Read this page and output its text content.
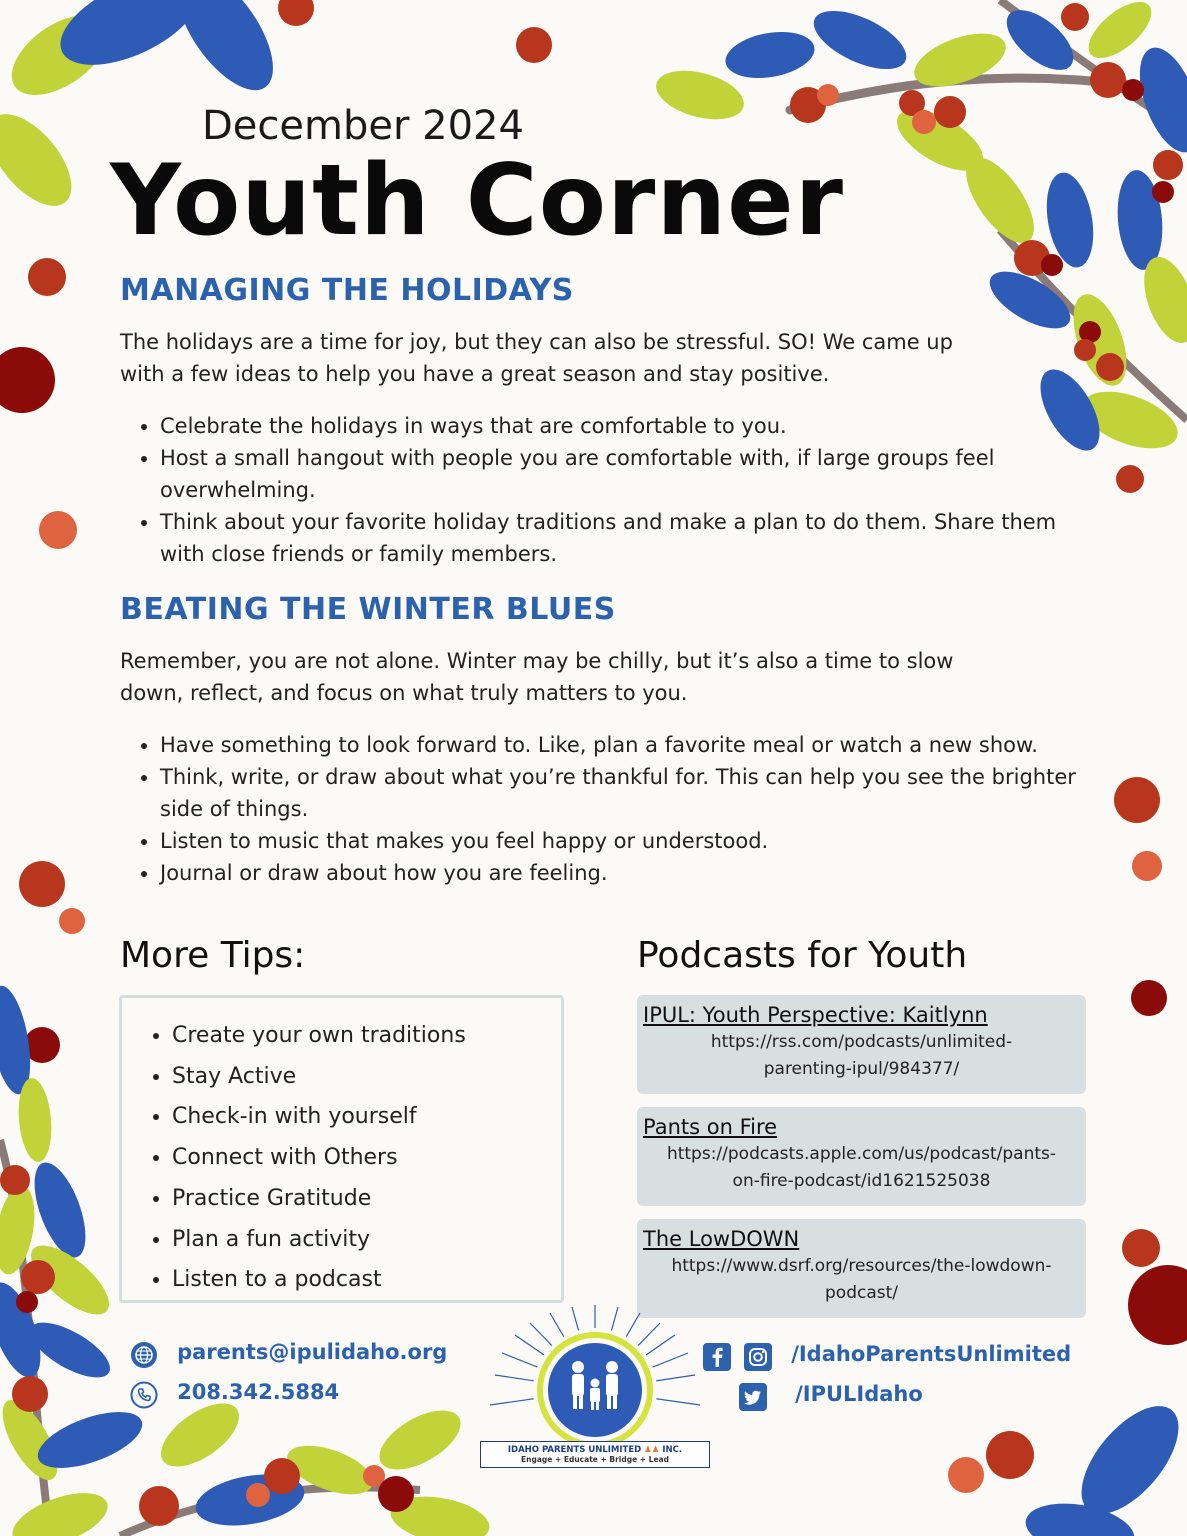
December 2024
Youth Corner
MANAGING THE HOLIDAYS
The holidays are a time for joy, but they can also be stressful. SO! We came up
with a few ideas to help you have a great season and stay positive.
• Celebrate the holidays in ways that are comfortable to you.
• Host a small hangout with people you are comfortable with, if large groups feel overwhelming.
• Think about your favorite holiday traditions and make a plan to do them. Share them with close friends or family members.
BEATING THE WINTER BLUES
Remember, you are not alone. Winter may be chilly, but it’s also a time to slow
down, reflect, and focus on what truly matters to you.
• Have something to look forward to. Like, plan a favorite meal or watch a new show.
• Think, write, or draw about what you’re thankful for. This can help you see the brighter side of things.
• Listen to music that makes you feel happy or understood.
• Journal or draw about how you are feeling.
More Tips:
• Create your own traditions
• Stay Active
• Check-in with yourself
• Connect with Others
• Practice Gratitude
• Plan a fun activity
• Listen to a podcast
Podcasts for Youth
IPUL: Youth Perspective: Kaitlynn
https://rss.com/podcasts/unlimited-
parenting-ipul/984377/
Pants on Fire
https://podcasts.apple.com/us/podcast/pants-
on-fire-podcast/id1621525038
The LowDOWN
https://www.dsrf.org/resources/the-lowdown-
podcast/
parents@ipulidaho.org
208.342.5884
IDAHO PARENTS UNLIMITED ♟♟ INC.
Engage + Educate + Bridge + Lead
/IdahoParentsUnlimited
/IPULIdaho
